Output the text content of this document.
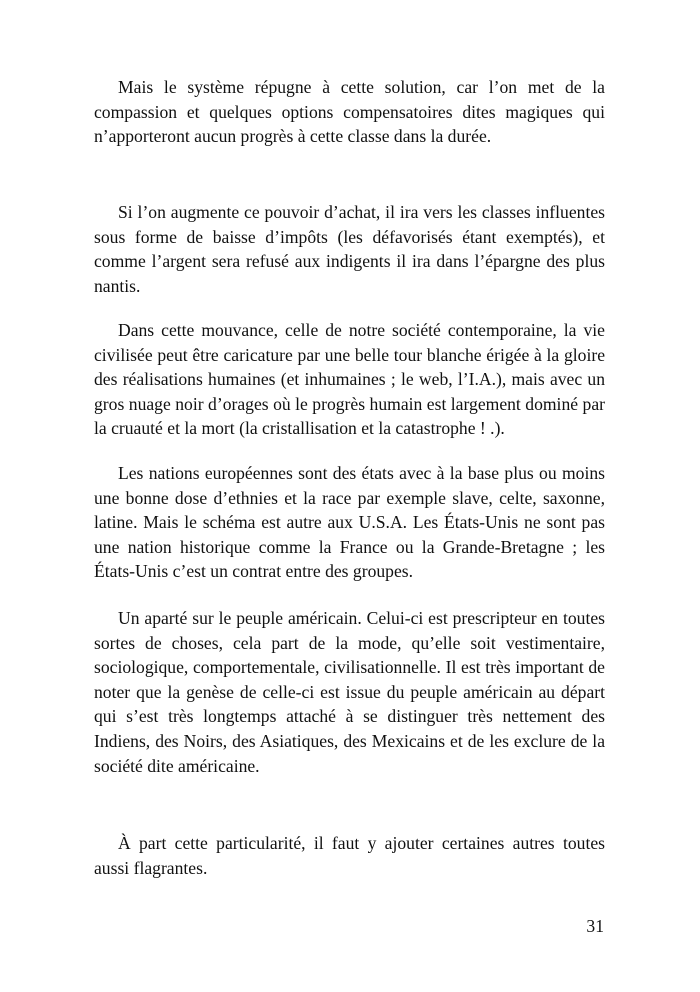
Mais le système répugne à cette solution, car l’on met de la compassion et quelques options compensatoires dites magiques qui n’apporteront aucun progrès à cette classe dans la durée.

Si l’on augmente ce pouvoir d’achat, il ira vers les classes influentes sous forme de baisse d’impôts (les défavorisés étant exemptés), et comme l’argent sera refusé aux indigents il ira dans l’épargne des plus nantis.

Dans cette mouvance, celle de notre société contemporaine, la vie civilisée peut être caricature par une belle tour blanche érigée à la gloire des réalisations humaines (et inhumaines ; le web, l’I.A.), mais avec un gros nuage noir d’orages où le progrès humain est largement dominé par la cruauté et la mort (la cristallisation et la catastrophe ! .).

Les nations européennes sont des états avec à la base plus ou moins une bonne dose d’ethnies et la race par exemple slave, celte, saxonne, latine. Mais le schéma est autre aux U.S.A. Les États-Unis ne sont pas une nation historique comme la France ou la Grande-Bretagne ; les États-Unis c’est un contrat entre des groupes.

Un aparté sur le peuple américain. Celui-ci est prescripteur en toutes sortes de choses, cela part de la mode, qu’elle soit vestimentaire, sociologique, comportementale, civilisationnelle. Il est très important de noter que la genèse de celle-ci est issue du peuple américain au départ qui s’est très longtemps attaché à se distinguer très nettement des Indiens, des Noirs, des Asiatiques, des Mexicains et de les exclure de la société dite américaine.

À part cette particularité, il faut y ajouter certaines autres toutes aussi flagrantes.

31
